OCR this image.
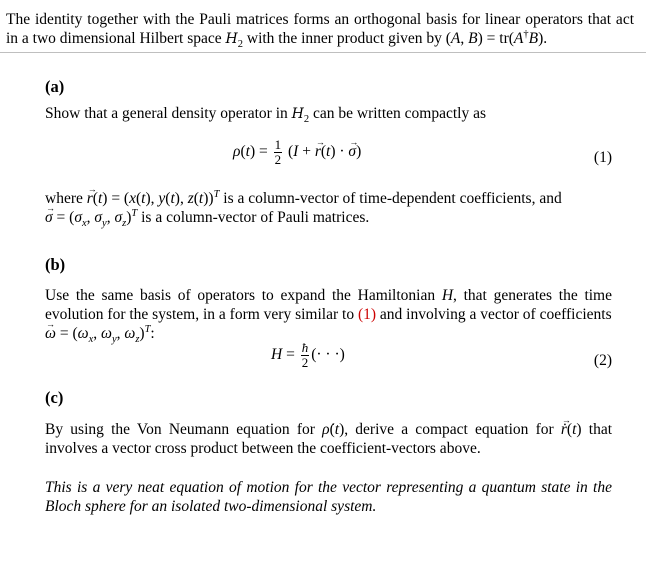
The identity together with the Pauli matrices forms an orthogonal basis for linear operators that act in a two dimensional Hilbert space $H_2$ with the inner product given by (A, B) = tr(A†B).
(a)
Show that a general density operator in $H_2$ can be written compactly as
$\rho(t) = \frac{1}{2} (I$ + → r(t) · → σ)	(1)
where → r(t) = (x(t), y(t), z(t))$^T$ is a column-vector of time-dependent coefficients, and
→ $\sigma = (\sigma_x$, $\sigma_y$, $\sigma_z)^T$ is a column-vector of Pauli matrices.
(b)
Use the same basis of operators to expand the Hamiltonian H, that generates the time evolution for the system, in a form very similar to (1) and involving a vector of coefficients
→ $\omega = (\omega_x$, $\omega_y$, $\omega_z)^T$:
$H = \frac{ħ}{2}$ (· · ·)	(2)
(c)
By using the Von Neumann equation for ρ̇(t), derive a compact equation for → ṙ(t) that involves a vector cross product between the coefficient-vectors above.
This is a very neat equation of motion for the vector representing a quantum state in the Bloch sphere for an isolated two-dimensional system.
